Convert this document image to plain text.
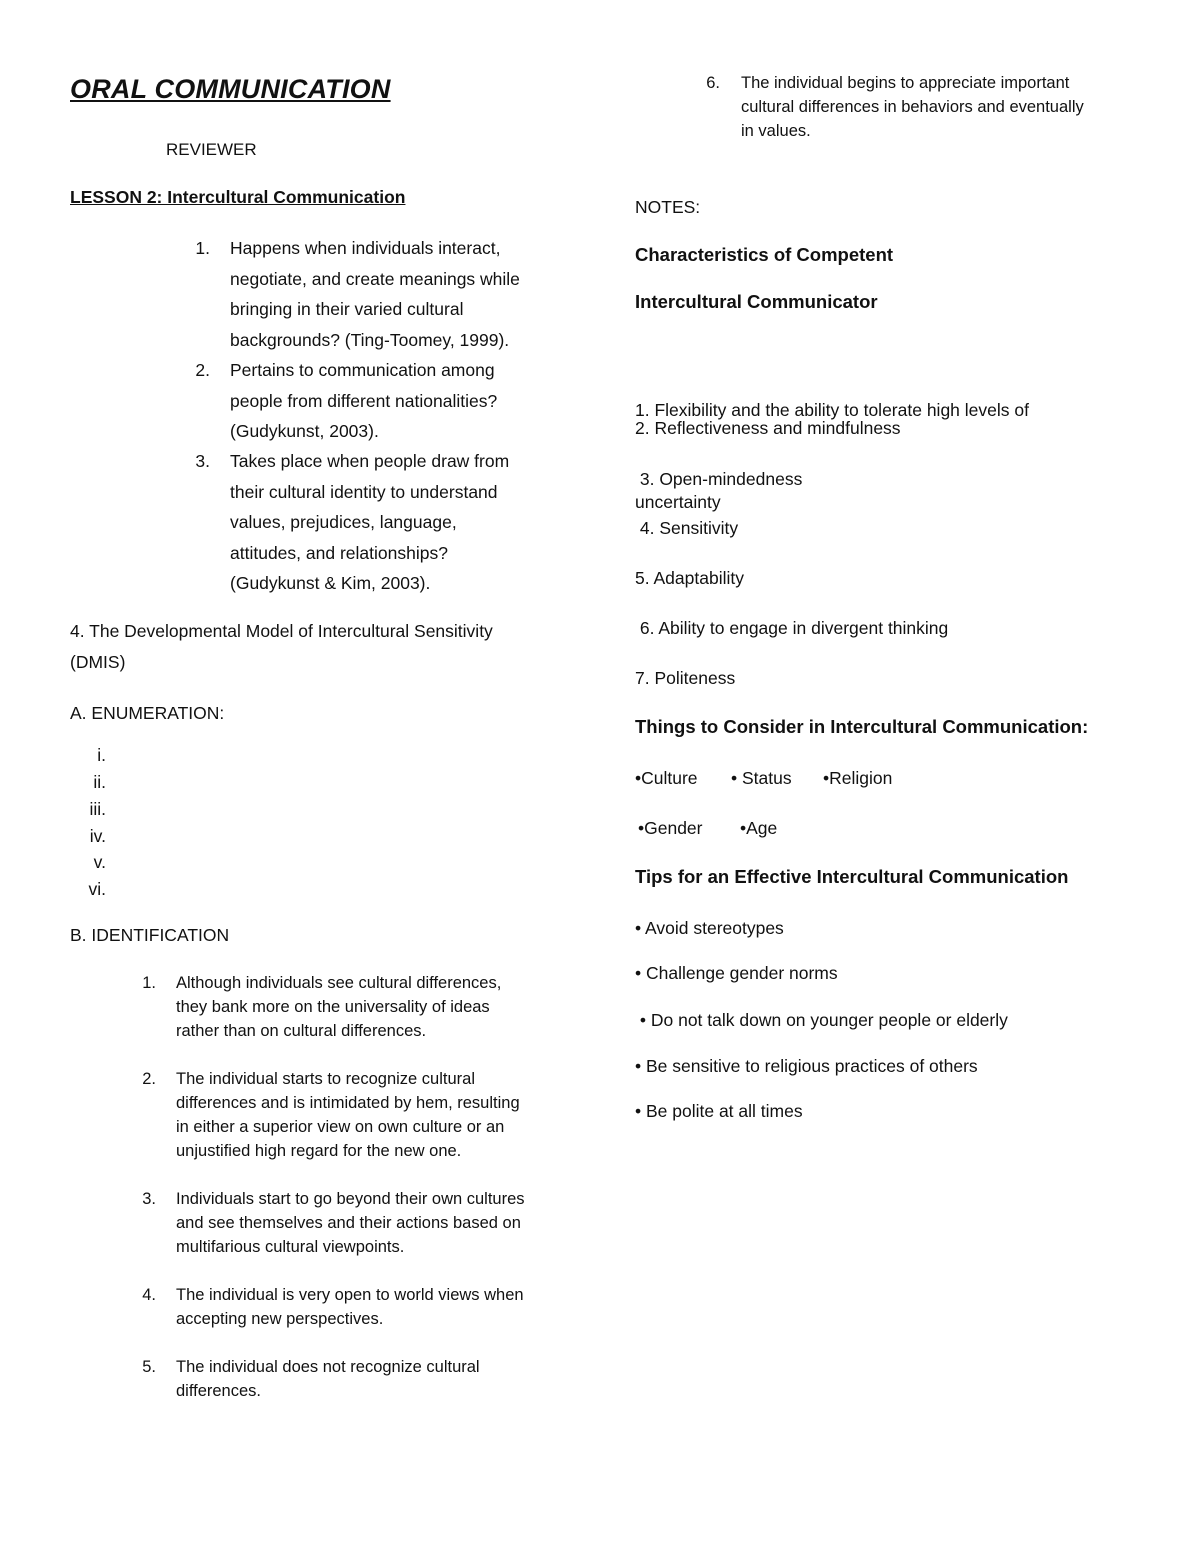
ORAL COMMUNICATION
REVIEWER
LESSON 2: Intercultural Communication
1. Happens when individuals interact,
negotiate, and create meanings while
bringing in their varied cultural
backgrounds? (Ting-Toomey, 1999).
2. Pertains to communication among
people from different nationalities?
(Gudykunst, 2003).
3. Takes place when people draw from
their cultural identity to understand
values, prejudices, language,
attitudes, and relationships?
(Gudykunst & Kim, 2003).
4. The Developmental Model of Intercultural Sensitivity
(DMIS)
A. ENUMERATION:
i.
ii.
iii.
iv.
v.
vi.
B. IDENTIFICATION
1. Although individuals see cultural differences,
they bank more on the universality of ideas
rather than on cultural differences.
2. The individual starts to recognize cultural
differences and is intimidated by hem, resulting
in either a superior view on own culture or an
unjustified high regard for the new one.
3. Individuals start to go beyond their own cultures
and see themselves and their actions based on
multifarious cultural viewpoints.
4. The individual is very open to world views when
accepting new perspectives.
5. The individual does not recognize cultural
differences.
6. The individual begins to appreciate important
cultural differences in behaviors and eventually
in values.
NOTES:
Characteristics of Competent
Intercultural Communicator

1. Flexibility and the ability to tolerate high levels of

uncertainty

2. Reflectiveness and mindfulness
3. Open-mindedness
4. Sensitivity
5. Adaptability
6. Ability to engage in divergent thinking
7. Politeness
Things to Consider in Intercultural Communication:
•Culture • Status •Religion
•Gender •Age
Tips for an Effective Intercultural Communication
• Avoid stereotypes
• Challenge gender norms
• Do not talk down on younger people or elderly
• Be sensitive to religious practices of others
• Be polite at all times
